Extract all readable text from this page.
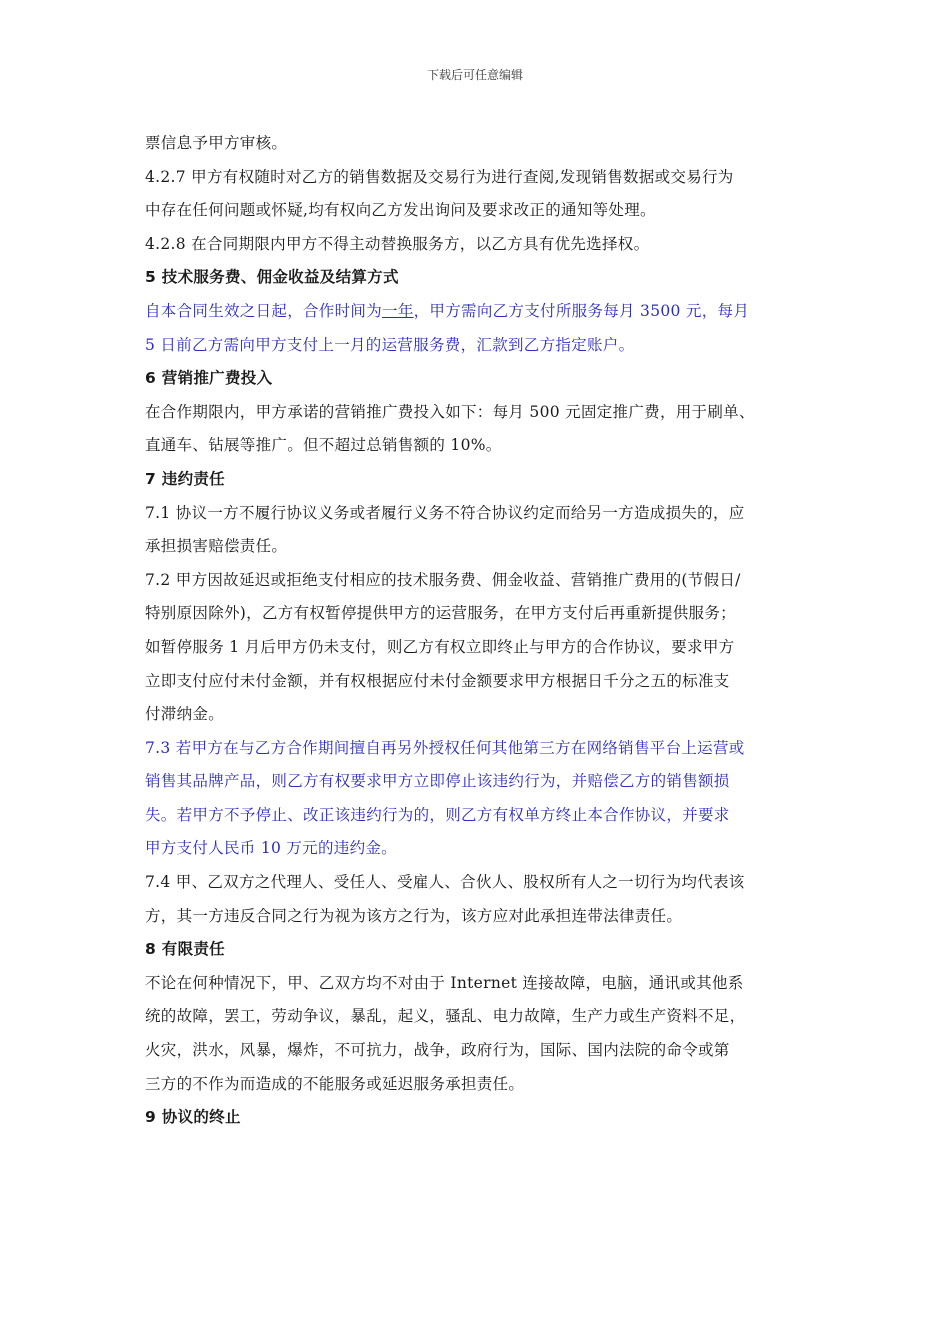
下载后可任意编辑
票信息予甲方审核。
4.2.7 甲方有权随时对乙方的销售数据及交易行为进行查阅,发现销售数据或交易行为
中存在任何问题或怀疑,均有权向乙方发出询问及要求改正的通知等处理。
4.2.8 在合同期限内甲方不得主动替换服务方，以乙方具有优先选择权。
5 技术服务费、佣金收益及结算方式
自本合同生效之日起，合作时间为一年，甲方需向乙方支付所服务每月 3500 元，每月
5 日前乙方需向甲方支付上一月的运营服务费，汇款到乙方指定账户。
6 营销推广费投入
在合作期限内，甲方承诺的营销推广费投入如下：每月 500 元固定推广费，用于刷单、
直通车、钻展等推广。但不超过总销售额的 10%。
7 违约责任
7.1 协议一方不履行协议义务或者履行义务不符合协议约定而给另一方造成损失的，应
承担损害赔偿责任。
7.2 甲方因故延迟或拒绝支付相应的技术服务费、佣金收益、营销推广费用的(节假日/
特别原因除外)，乙方有权暂停提供甲方的运营服务，在甲方支付后再重新提供服务；
如暂停服务 1 月后甲方仍未支付，则乙方有权立即终止与甲方的合作协议，要求甲方
立即支付应付未付金额，并有权根据应付未付金额要求甲方根据日千分之五的标准支
付滞纳金。
7.3 若甲方在与乙方合作期间擅自再另外授权任何其他第三方在网络销售平台上运营或
销售其品牌产品，则乙方有权要求甲方立即停止该违约行为，并赔偿乙方的销售额损
失。若甲方不予停止、改正该违约行为的，则乙方有权单方终止本合作协议，并要求
甲方支付人民币 10 万元的违约金。
7.4 甲、乙双方之代理人、受任人、受雇人、合伙人、股权所有人之一切行为均代表该
方，其一方违反合同之行为视为该方之行为，该方应对此承担连带法律责任。
8 有限责任
不论在何种情况下，甲、乙双方均不对由于 Internet 连接故障，电脑，通讯或其他系
统的故障，罢工，劳动争议，暴乱，起义，骚乱、电力故障，生产力或生产资料不足，
火灾，洪水，风暴，爆炸，不可抗力，战争，政府行为，国际、国内法院的命令或第
三方的不作为而造成的不能服务或延迟服务承担责任。
9 协议的终止
